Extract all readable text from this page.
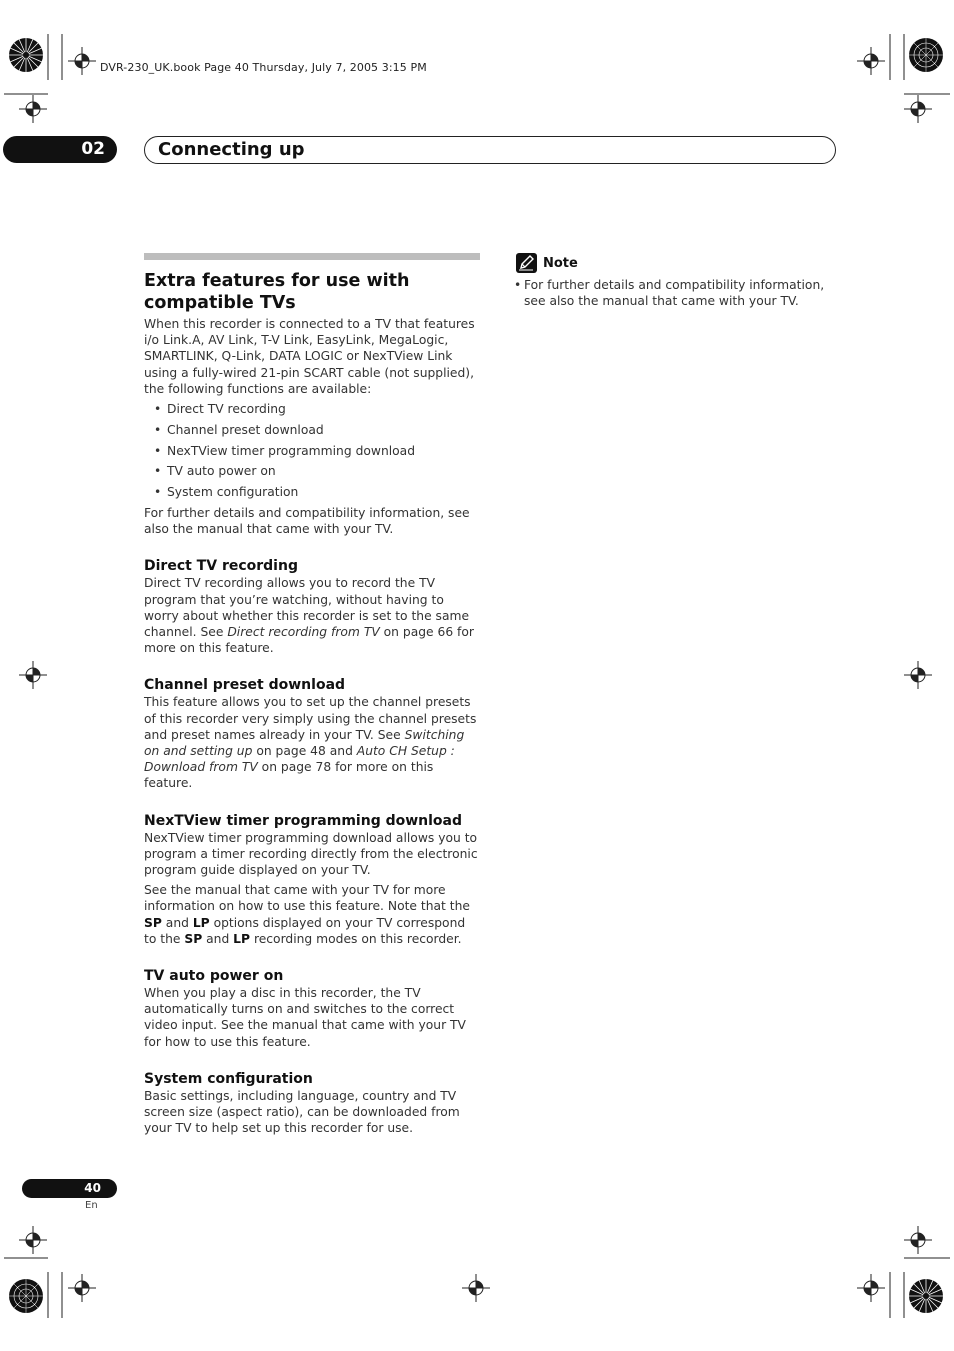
DVR-230_UK.book Page 40 Thursday, July 7, 2005 3:15 PM
02	Connecting up
Extra features for use with compatible TVs

When this recorder is connected to a TV that features i/o Link.A, AV Link, T-V Link, EasyLink, MegaLogic, SMARTLINK, Q-Link, DATA LOGIC or NexTView Link using a fully-wired 21-pin SCART cable (not supplied), the following functions are available:

• Direct TV recording
• Channel preset download
• NexTView timer programming download
• TV auto power on
• System configuration

For further details and compatibility information, see also the manual that came with your TV.

Direct TV recording

Direct TV recording allows you to record the TV program that you’re watching, without having to worry about whether this recorder is set to the same channel. See Direct recording from TV on page 66 for more on this feature.

Channel preset download

This feature allows you to set up the channel presets of this recorder very simply using the channel presets and preset names already in your TV. See Switching on and setting up on page 48 and Auto CH Setup : Download from TV on page 78 for more on this feature.

NexTView timer programming download

NexTView timer programming download allows you to program a timer recording directly from the electronic program guide displayed on your TV.

See the manual that came with your TV for more information on how to use this feature. Note that the SP and LP options displayed on your TV correspond to the SP and LP recording modes on this recorder.

TV auto power on

When you play a disc in this recorder, the TV automatically turns on and switches to the correct video input. See the manual that came with your TV for how to use this feature.

System configuration

Basic settings, including language, country and TV screen size (aspect ratio), can be downloaded from your TV to help set up this recorder for use.

Note
• For further details and compatibility information, see also the manual that came with your TV.
40
En
